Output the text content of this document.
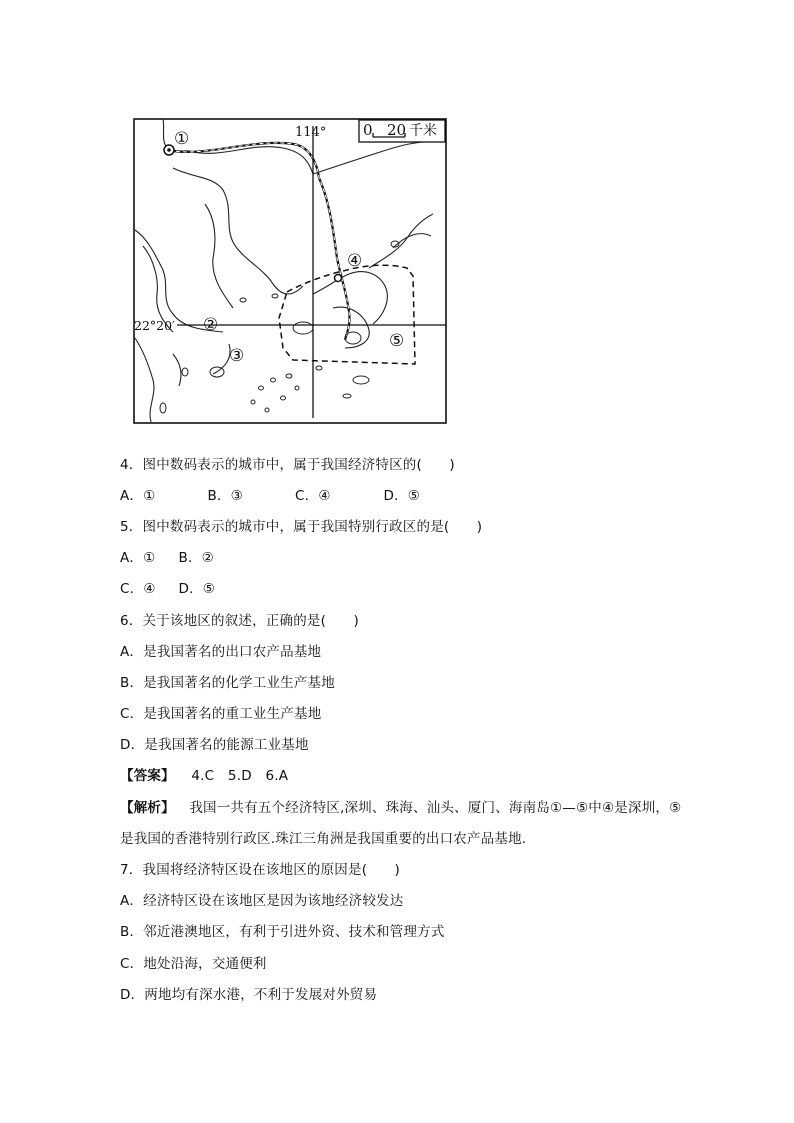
0 20 千米
114°
22°20′
①
②
③
④
⑤
4．图中数码表示的城市中，属于我国经济特区的(　　)
A．①	B．③	C．④	D．⑤
5．图中数码表示的城市中，属于我国特别行政区的是(　　)
A．① B．②
C．④ D．⑤
6．关于该地区的叙述，正确的是(　　)
A．是我国著名的出口农产品基地
B．是我国著名的化学工业生产基地
C．是我国著名的重工业生产基地
D．是我国著名的能源工业基地
【答案】 4.C　5.D　6.A
【解析】 我国一共有五个经济特区,深圳、珠海、汕头、厦门、海南岛①—⑤中④是深圳，⑤
是我国的香港特别行政区.珠江三角洲是我国重要的出口农产品基地.
7．我国将经济特区设在该地区的原因是(　　)
A．经济特区设在该地区是因为该地经济较发达
B．邻近港澳地区，有利于引进外资、技术和管理方式
C．地处沿海，交通便利
D．两地均有深水港，不利于发展对外贸易
